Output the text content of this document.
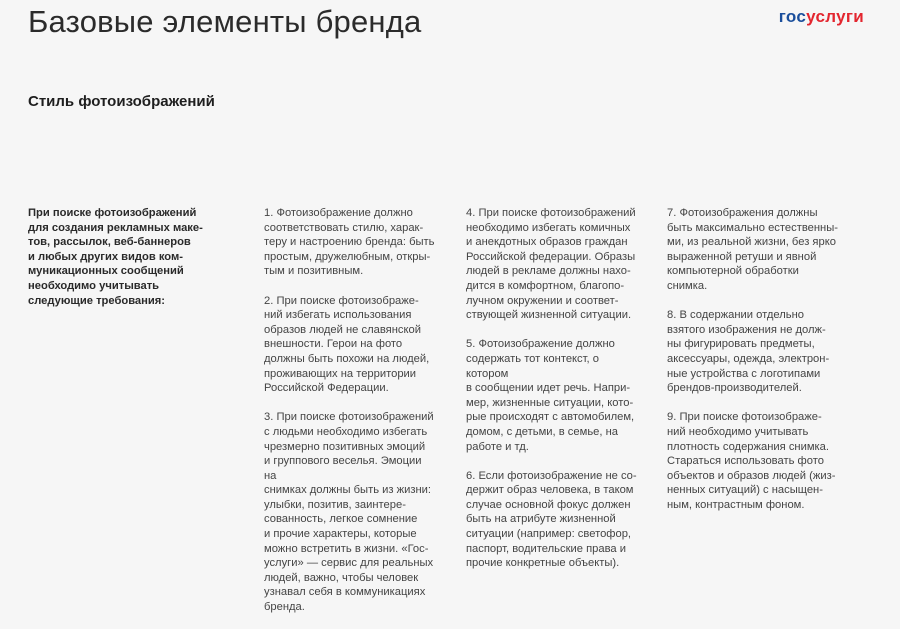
Базовые элементы бренда	госуслуги
Стиль фотоизображений
При поиске фотоизображений
для создания рекламных маке-
тов, рассылок, веб-баннеров
и любых других видов ком-
муникационных сообщений
необходимо учитывать
следующие требования:

1. Фотоизображение должно
соответствовать стилю, харак-
теру и настроению бренда: быть
простым, дружелюбным, откры-
тым и позитивным.

2. При поиске фотоизображе-
ний избегать использования
образов людей не славянской
внешности. Герои на фото
должны быть похожи на людей,
проживающих на территории
Российской Федерации.

3. При поиске фотоизображений
с людьми необходимо избегать
чрезмерно позитивных эмоций
и группового веселья. Эмоции на
снимках должны быть из жизни:
улыбки, позитив, заинтере-
сованность, легкое сомнение
и прочие характеры, которые
можно встретить в жизни. «Гос-
услуги» — сервис для реальных
людей, важно, чтобы человек
узнавал себя в коммуникациях
бренда.

4. При поиске фотоизображений
необходимо избегать комичных
и анекдотных образов граждан
Российской федерации. Образы
людей в рекламе должны нахо-
дится в комфортном, благопо-
лучном окружении и соответ-
ствующей жизненной ситуации.

5. Фотоизображение должно
содержать тот контекст, о котором
в сообщении идет речь. Напри-
мер, жизненные ситуации, кото-
рые происходят с автомобилем,
домом, с детьми, в семье, на
работе и тд.

6. Если фотоизображение не со-
держит образ человека, в таком
случае основной фокус должен
быть на атрибуте жизненной
ситуации (например: светофор,
паспорт, водительские права и
прочие конкретные объекты).

7. Фотоизображения должны
быть максимально естественны-
ми, из реальной жизни, без ярко
выраженной ретуши и явной
компьютерной обработки снимка.

8. В содержании отдельно
взятого изображения не долж-
ны фигурировать предметы,
аксессуары, одежда, электрон-
ные устройства с логотипами
брендов-производителей.

9. При поиске фотоизображе-
ний необходимо учитывать
плотность содержания снимка.
Стараться использовать фото
объектов и образов людей (жиз-
ненных ситуаций) с насыщен-
ным, контрастным фоном.
